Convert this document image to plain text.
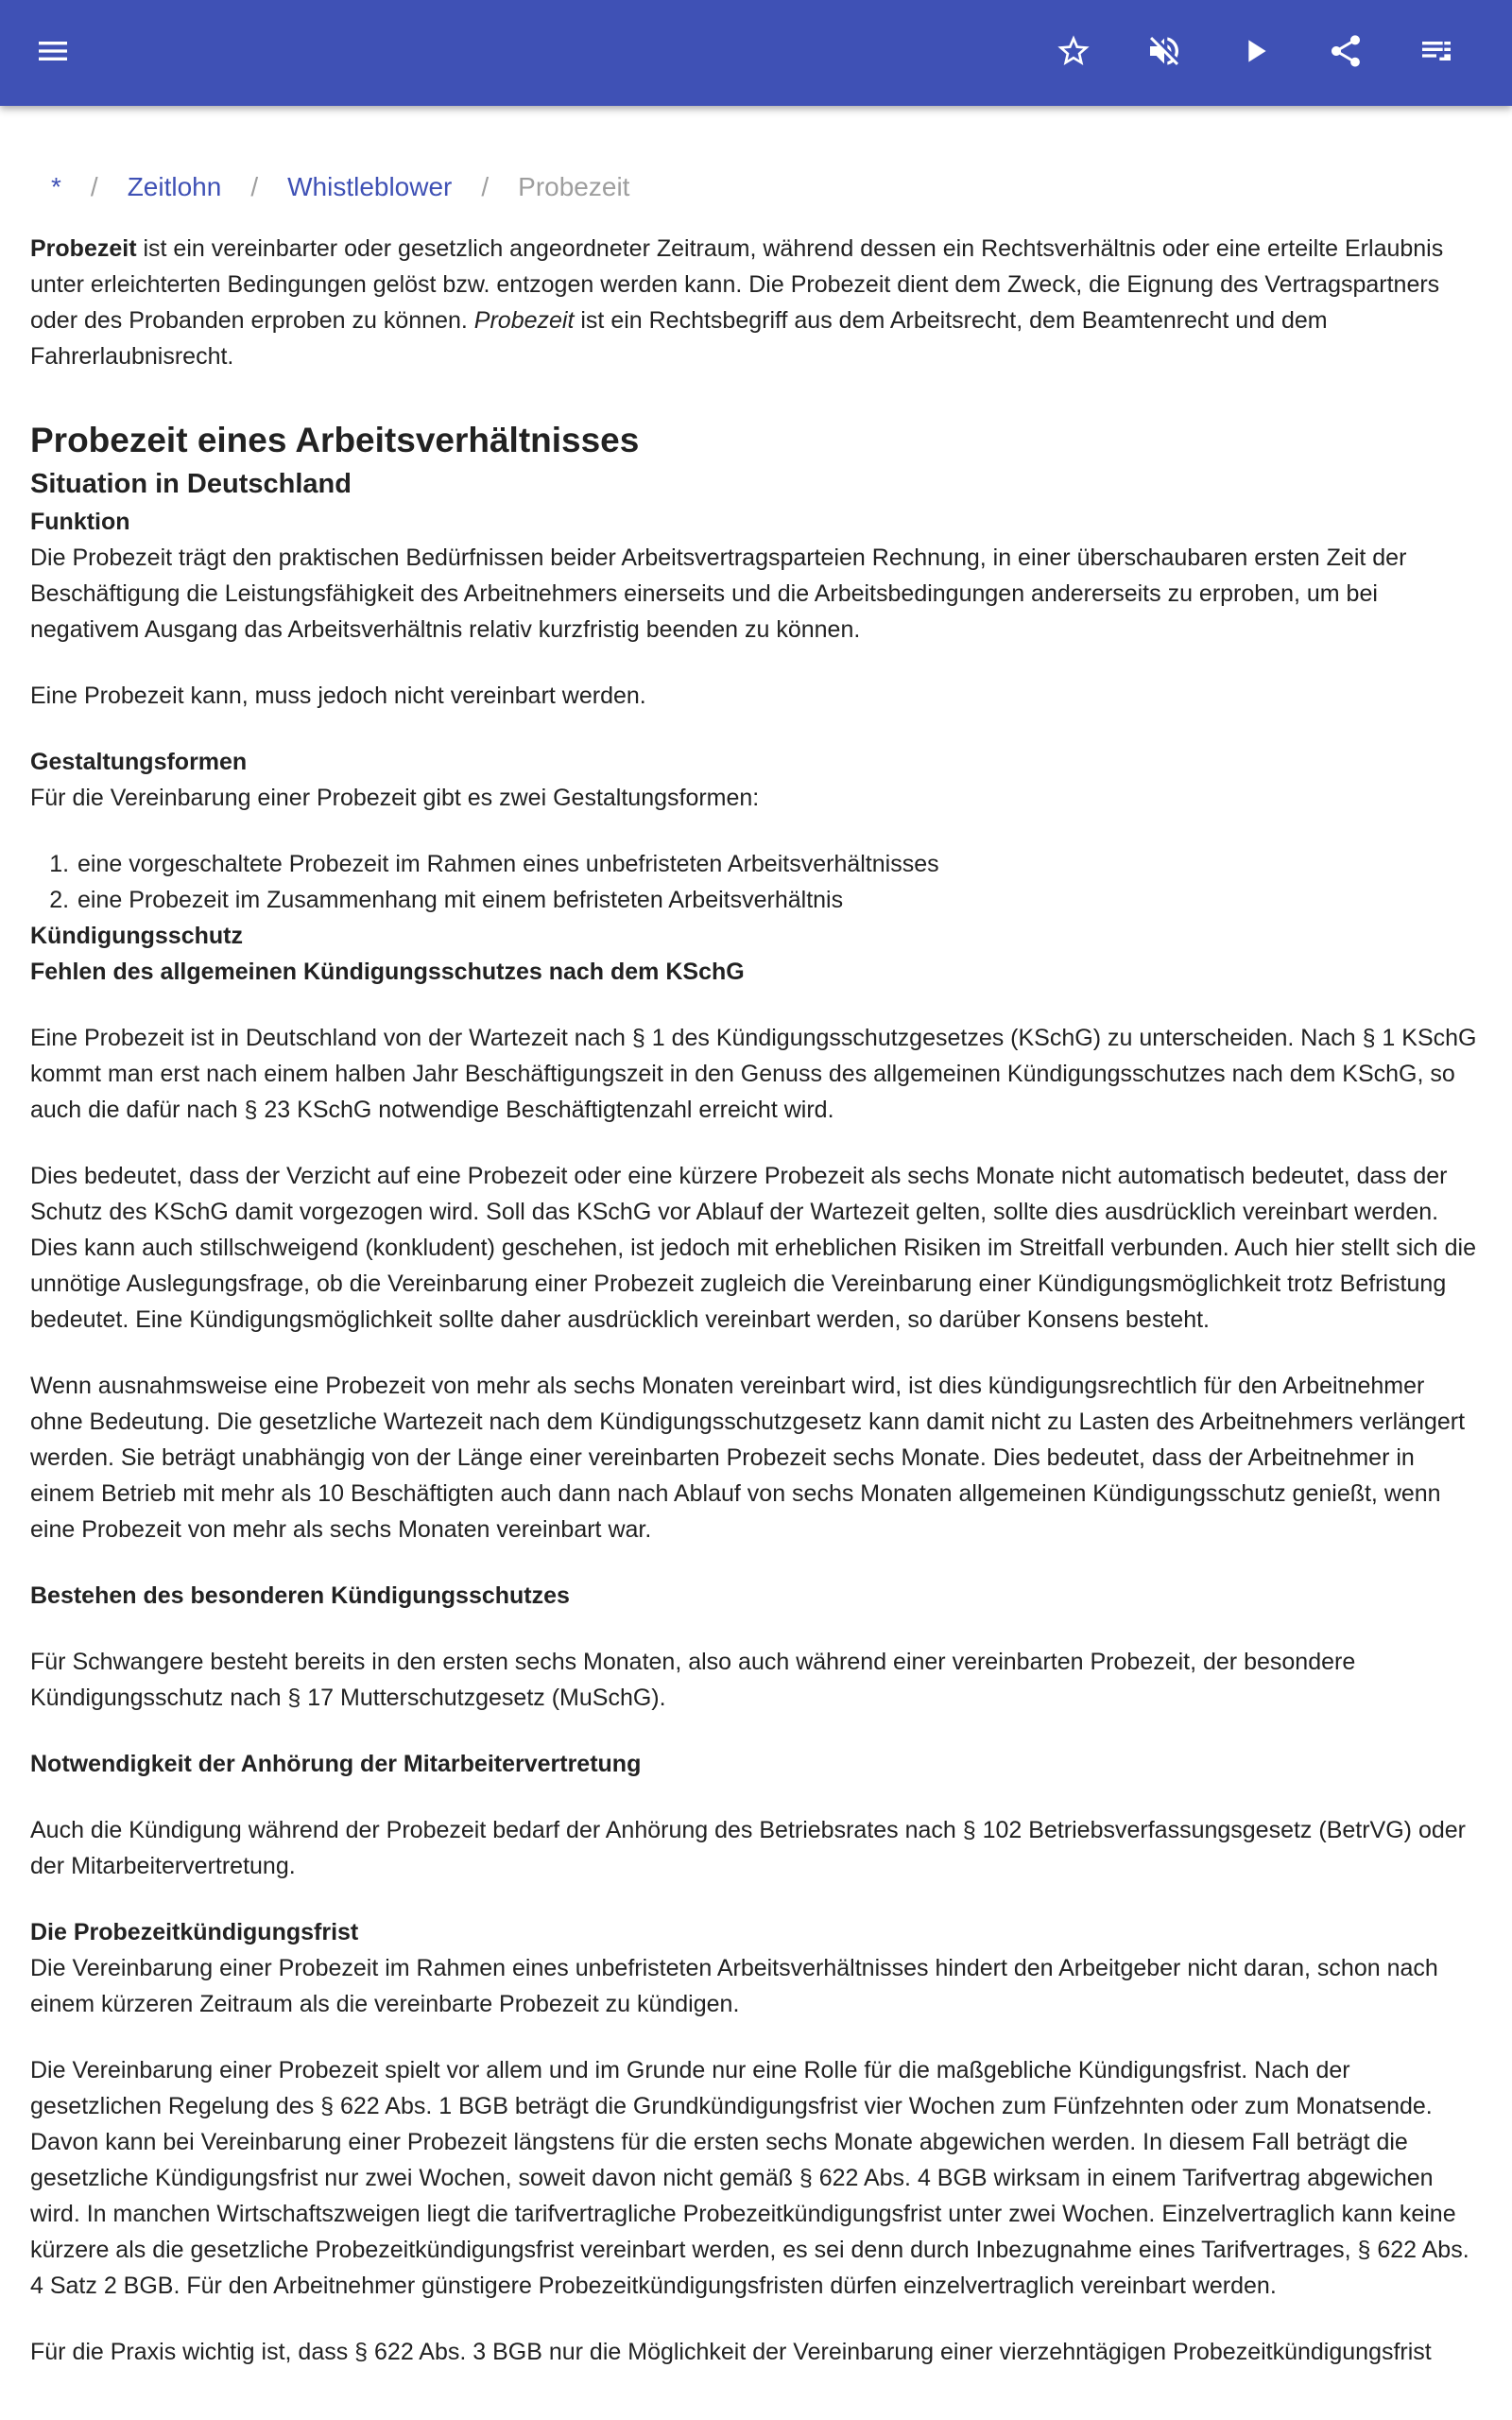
* / Zeitlohn / Whistleblower / Probezeit

Probezeit ist ein vereinbarter oder gesetzlich angeordneter Zeitraum, während dessen ein Rechtsverhältnis oder eine erteilte Erlaubnis unter erleichterten Bedingungen gelöst bzw. entzogen werden kann. Die Probezeit dient dem Zweck, die Eignung des Vertragspartners oder des Probanden erproben zu können. Probezeit ist ein Rechtsbegriff aus dem Arbeitsrecht, dem Beamtenrecht und dem Fahrerlaubnisrecht.

Probezeit eines Arbeitsverhältnisses
Situation in Deutschland
Funktion

Die Probezeit trägt den praktischen Bedürfnissen beider Arbeitsvertragsparteien Rechnung, in einer überschaubaren ersten Zeit der Beschäftigung die Leistungsfähigkeit des Arbeitnehmers einerseits und die Arbeitsbedingungen andererseits zu erproben, um bei negativem Ausgang das Arbeitsverhältnis relativ kurzfristig beenden zu können.

Eine Probezeit kann, muss jedoch nicht vereinbart werden.

Gestaltungsformen

Für die Vereinbarung einer Probezeit gibt es zwei Gestaltungsformen:

1. eine vorgeschaltete Probezeit im Rahmen eines unbefristeten Arbeitsverhältnisses
2. eine Probezeit im Zusammenhang mit einem befristeten Arbeitsverhältnis
Kündigungsschutz
Fehlen des allgemeinen Kündigungsschutzes nach dem KSchG

Eine Probezeit ist in Deutschland von der Wartezeit nach § 1 des Kündigungsschutzgesetzes (KSchG) zu unterscheiden. Nach § 1 KSchG kommt man erst nach einem halben Jahr Beschäftigungszeit in den Genuss des allgemeinen Kündigungsschutzes nach dem KSchG, so auch die dafür nach § 23 KSchG notwendige Beschäftigtenzahl erreicht wird.

Dies bedeutet, dass der Verzicht auf eine Probezeit oder eine kürzere Probezeit als sechs Monate nicht automatisch bedeutet, dass der Schutz des KSchG damit vorgezogen wird. Soll das KSchG vor Ablauf der Wartezeit gelten, sollte dies ausdrücklich vereinbart werden. Dies kann auch stillschweigend (konkludent) geschehen, ist jedoch mit erheblichen Risiken im Streitfall verbunden. Auch hier stellt sich die unnötige Auslegungsfrage, ob die Vereinbarung einer Probezeit zugleich die Vereinbarung einer Kündigungsmöglichkeit trotz Befristung bedeutet. Eine Kündigungsmöglichkeit sollte daher ausdrücklich vereinbart werden, so darüber Konsens besteht.

Wenn ausnahmsweise eine Probezeit von mehr als sechs Monaten vereinbart wird, ist dies kündigungsrechtlich für den Arbeitnehmer ohne Bedeutung. Die gesetzliche Wartezeit nach dem Kündigungsschutzgesetz kann damit nicht zu Lasten des Arbeitnehmers verlängert werden. Sie beträgt unabhängig von der Länge einer vereinbarten Probezeit sechs Monate. Dies bedeutet, dass der Arbeitnehmer in einem Betrieb mit mehr als 10 Beschäftigten auch dann nach Ablauf von sechs Monaten allgemeinen Kündigungsschutz genießt, wenn eine Probezeit von mehr als sechs Monaten vereinbart war.

Bestehen des besonderen Kündigungsschutzes

Für Schwangere besteht bereits in den ersten sechs Monaten, also auch während einer vereinbarten Probezeit, der besondere Kündigungsschutz nach § 17 Mutterschutzgesetz (MuSchG).

Notwendigkeit der Anhörung der Mitarbeitervertretung

Auch die Kündigung während der Probezeit bedarf der Anhörung des Betriebsrates nach § 102 Betriebsverfassungsgesetz (BetrVG) oder der Mitarbeitervertretung.

Die Probezeitkündigungsfrist

Die Vereinbarung einer Probezeit im Rahmen eines unbefristeten Arbeitsverhältnisses hindert den Arbeitgeber nicht daran, schon nach einem kürzeren Zeitraum als die vereinbarte Probezeit zu kündigen.

Die Vereinbarung einer Probezeit spielt vor allem und im Grunde nur eine Rolle für die maßgebliche Kündigungsfrist. Nach der gesetzlichen Regelung des § 622 Abs. 1 BGB beträgt die Grundkündigungsfrist vier Wochen zum Fünfzehnten oder zum Monatsende. Davon kann bei Vereinbarung einer Probezeit längstens für die ersten sechs Monate abgewichen werden. In diesem Fall beträgt die gesetzliche Kündigungsfrist nur zwei Wochen, soweit davon nicht gemäß § 622 Abs. 4 BGB wirksam in einem Tarifvertrag abgewichen wird. In manchen Wirtschaftszweigen liegt die tarifvertragliche Probezeitkündigungsfrist unter zwei Wochen. Einzelvertraglich kann keine kürzere als die gesetzliche Probezeitkündigungsfrist vereinbart werden, es sei denn durch Inbezugnahme eines Tarifvertrages, § 622 Abs. 4 Satz 2 BGB. Für den Arbeitnehmer günstigere Probezeitkündigungsfristen dürfen einzelvertraglich vereinbart werden.

Für die Praxis wichtig ist, dass § 622 Abs. 3 BGB nur die Möglichkeit der Vereinbarung einer vierzehntägigen Probezeitkündigungsfrist
